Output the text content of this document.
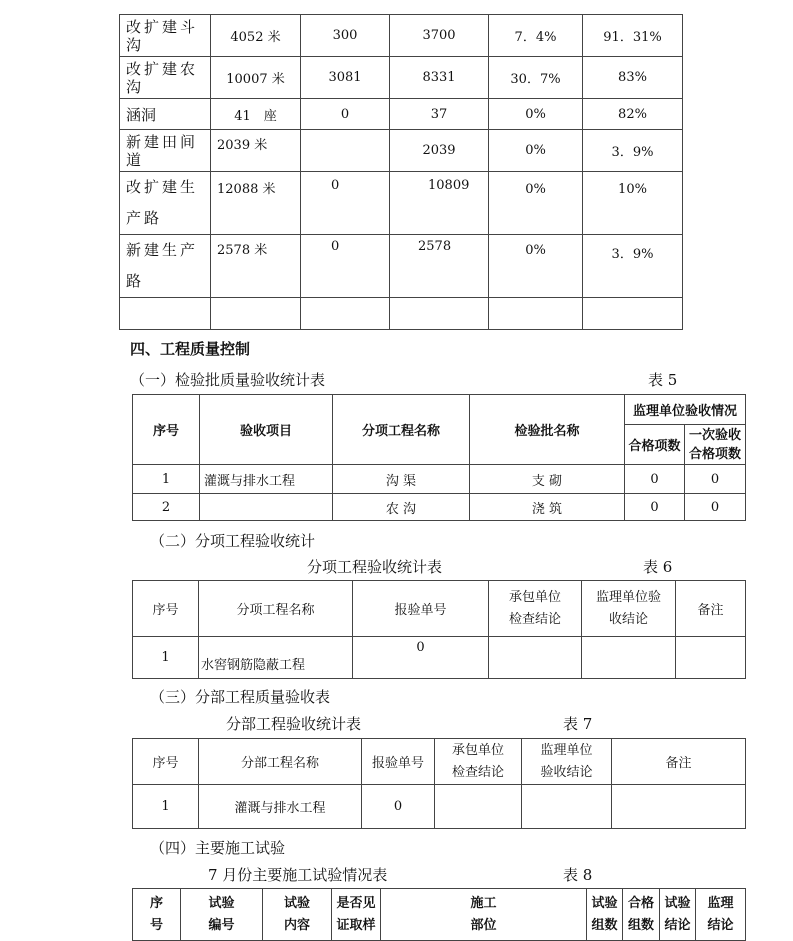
改扩建斗沟	4052 米	300	3700	7．4%	91．31%
改扩建农沟	10007 米	3081	8331	30．7%	83%
涵洞	41　座	0	37	0%	82%
新建田间道	2039 米		2039	0%	3．9%
改扩建生产路	12088 米	0	10809	0%	10%
新建生产路	2578 米	0	2578	0%	3．9%

四、工程质量控制
（一）检验批质量验收统计表	表 5
序号	验收项目	分项工程名称	检验批名称	监理单位验收情况	
				合格项数	一次验收合格项数
1	灌溉与排水工程	沟 渠	支 砌	0	0
2		农 沟	浇 筑	0	0
（二）分项工程验收统计
分项工程验收统计表	表 6
序号	分项工程名称	报验单号	承包单位检查结论	监理单位验收结论	备注
1	水窖钢筋隐蔽工程	0			
（三）分部工程质量验收表
分部工程验收统计表	表 7
序号	分部工程名称	报验单号	承包单位检查结论	监理单位验收结论	备注
1	灌溉与排水工程	0			
（四）主要施工试验
7 月份主要施工试验情况表	表 8
序号	试验编号	试验内容	是否见证取样	施工部位	试验组数	合格组数	试验结论	监理结论
